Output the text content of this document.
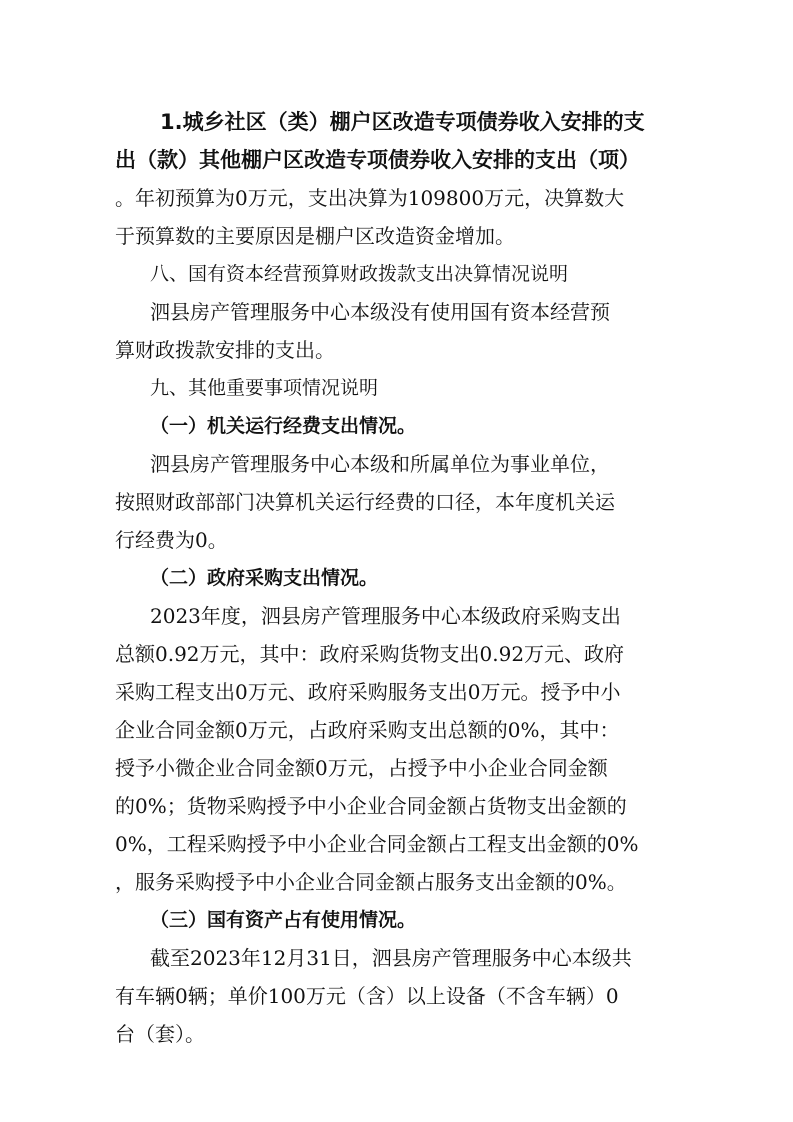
1.城乡社区（类）棚户区改造专项债券收入安排的支

出（款）其他棚户区改造专项债券收入安排的支出（项）

。年初预算为0万元，支出决算为109800万元，决算数大

于预算数的主要原因是棚户区改造资金增加。

八、国有资本经营预算财政拨款支出决算情况说明

泗县房产管理服务中心本级没有使用国有资本经营预

算财政拨款安排的支出。

九、其他重要事项情况说明

（一）机关运行经费支出情况。

泗县房产管理服务中心本级和所属单位为事业单位，

按照财政部部门决算机关运行经费的口径，本年度机关运

行经费为0。

（二）政府采购支出情况。

2023年度，泗县房产管理服务中心本级政府采购支出

总额0.92万元，其中：政府采购货物支出0.92万元、政府

采购工程支出0万元、政府采购服务支出0万元。授予中小

企业合同金额0万元，占政府采购支出总额的0%，其中：

授予小微企业合同金额0万元，占授予中小企业合同金额

的0%；货物采购授予中小企业合同金额占货物支出金额的

0%，工程采购授予中小企业合同金额占工程支出金额的0%

，服务采购授予中小企业合同金额占服务支出金额的0%。

（三）国有资产占有使用情况。

截至2023年12月31日，泗县房产管理服务中心本级共

有车辆0辆；单价100万元（含）以上设备（不含车辆）0

台（套）。
